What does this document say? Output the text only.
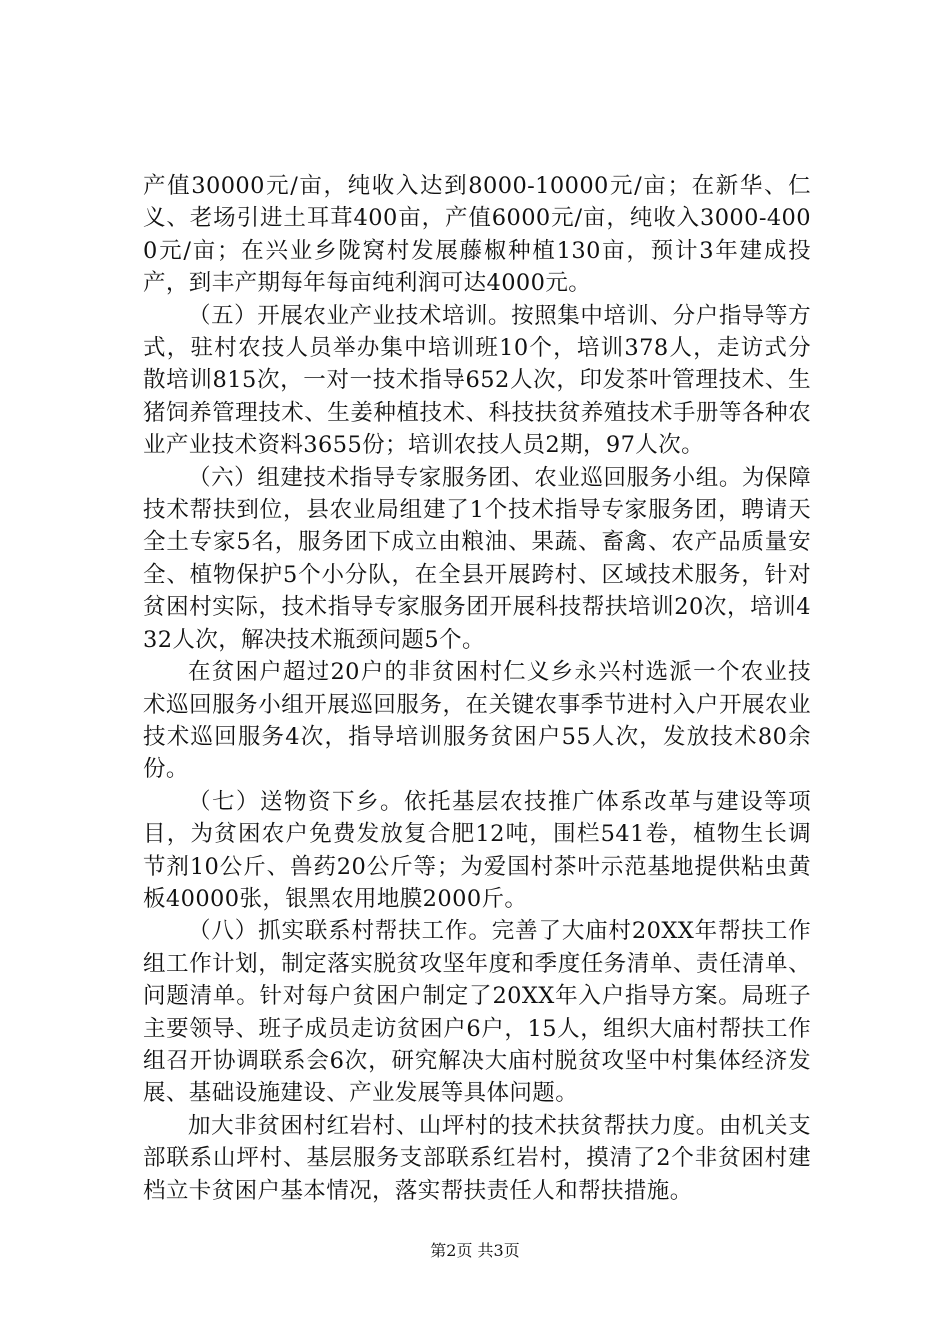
产值30000元/亩，纯收入达到8000-10000元/亩；在新华、仁义、老场引进土耳茸400亩，产值6000元/亩，纯收入3000-4000元/亩；在兴业乡陇窝村发展藤椒种植130亩，预计3年建成投产，到丰产期每年每亩纯利润可达4000元。

（五）开展农业产业技术培训。按照集中培训、分户指导等方式，驻村农技人员举办集中培训班10个，培训378人，走访式分散培训815次，一对一技术指导652人次，印发茶叶管理技术、生猪饲养管理技术、生姜种植技术、科技扶贫养殖技术手册等各种农业产业技术资料3655份；培训农技人员2期，97人次。

（六）组建技术指导专家服务团、农业巡回服务小组。为保障技术帮扶到位，县农业局组建了1个技术指导专家服务团，聘请天全土专家5名，服务团下成立由粮油、果蔬、畜禽、农产品质量安全、植物保护5个小分队，在全县开展跨村、区域技术服务，针对贫困村实际，技术指导专家服务团开展科技帮扶培训20次，培训432人次，解决技术瓶颈问题5个。

在贫困户超过20户的非贫困村仁义乡永兴村选派一个农业技术巡回服务小组开展巡回服务，在关键农事季节进村入户开展农业技术巡回服务4次，指导培训服务贫困户55人次，发放技术80余份。

（七）送物资下乡。依托基层农技推广体系改革与建设等项目，为贫困农户免费发放复合肥12吨，围栏541卷，植物生长调节剂10公斤、兽药20公斤等；为爱国村茶叶示范基地提供粘虫黄板40000张，银黑农用地膜2000斤。

（八）抓实联系村帮扶工作。完善了大庙村20XX年帮扶工作组工作计划，制定落实脱贫攻坚年度和季度任务清单、责任清单、问题清单。针对每户贫困户制定了20XX年入户指导方案。局班子主要领导、班子成员走访贫困户6户，15人，组织大庙村帮扶工作组召开协调联系会6次，研究解决大庙村脱贫攻坚中村集体经济发展、基础设施建设、产业发展等具体问题。

加大非贫困村红岩村、山坪村的技术扶贫帮扶力度。由机关支部联系山坪村、基层服务支部联系红岩村，摸清了2个非贫困村建档立卡贫困户基本情况，落实帮扶责任人和帮扶措施。

第2页 共3页
